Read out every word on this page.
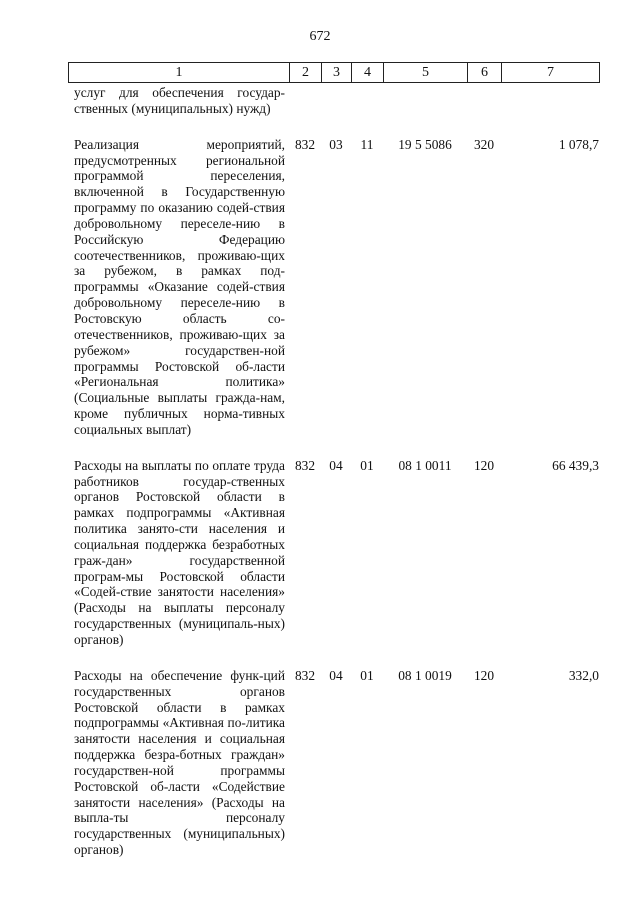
672
1	2	3	4	5	6	7
услуг для обеспечения государ-ственных (муниципальных) нужд)						
Реализация мероприятий, предусмотренных региональной программой переселения, включенной в Государственную программу по оказанию содей-ствия добровольному переселе-нию в Российскую Федерацию соотечественников, проживаю-щих за рубежом, в рамках под-программы «Оказание содей-ствия добровольному переселе-нию в Ростовскую область со-отечественников, проживаю-щих за рубежом» государствен-ной программы Ростовской об-ласти «Региональная политика» (Социальные выплаты гражда-нам, кроме публичных норма-тивных социальных выплат)	832	03	11	19 5 5086	320	1 078,7
Расходы на выплаты по оплате труда работников государ-ственных органов Ростовской области в рамках подпрограммы «Активная политика занято-сти населения и социальная поддержка безработных граж-дан» государственной програм-мы Ростовской области «Содей-ствие занятости населения» (Расходы на выплаты персоналу государственных (муниципаль-ных) органов)	832	04	01	08 1 0011	120	66 439,3
Расходы на обеспечение функ-ций государственных органов Ростовской области в рамках подпрограммы «Активная по-литика занятости населения и социальная поддержка безра-ботных граждан» государствен-ной программы Ростовской об-ласти «Содействие занятости населения» (Расходы на выпла-ты персоналу государственных (муниципальных) органов)	832	04	01	08 1 0019	120	332,0
